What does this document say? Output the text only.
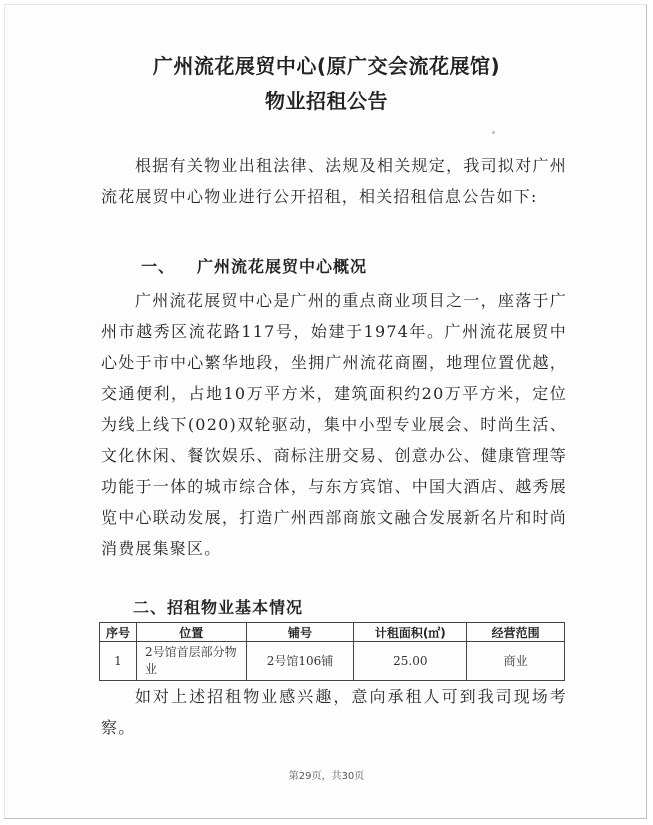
广州流花展贸中心(原广交会流花展馆)
物业招租公告

根据有关物业出租法律、法规及相关规定，我司拟对广州流花展贸中心物业进行公开招租，相关招租信息公告如下:

一、 广州流花展贸中心概况

广州流花展贸中心是广州的重点商业项目之一，座落于广州市越秀区流花路117号，始建于1974年。广州流花展贸中心处于市中心繁华地段，坐拥广州流花商圈，地理位置优越，交通便利，占地10万平方米，建筑面积约20万平方米，定位为线上线下(020)双轮驱动，集中小型专业展会、时尚生活、文化休闲、餐饮娱乐、商标注册交易、创意办公、健康管理等功能于一体的城市综合体，与东方宾馆、中国大酒店、越秀展览中心联动发展，打造广州西部商旅文融合发展新名片和时尚消费展集聚区。

二、招租物业基本情况
序号	位置	铺号	计租面积(㎡)	经营范围
1	2号馆首层部分物业	2号馆106铺	25.00	商业

如对上述招租物业感兴趣，意向承租人可到我司现场考察。

第29页，共30页
